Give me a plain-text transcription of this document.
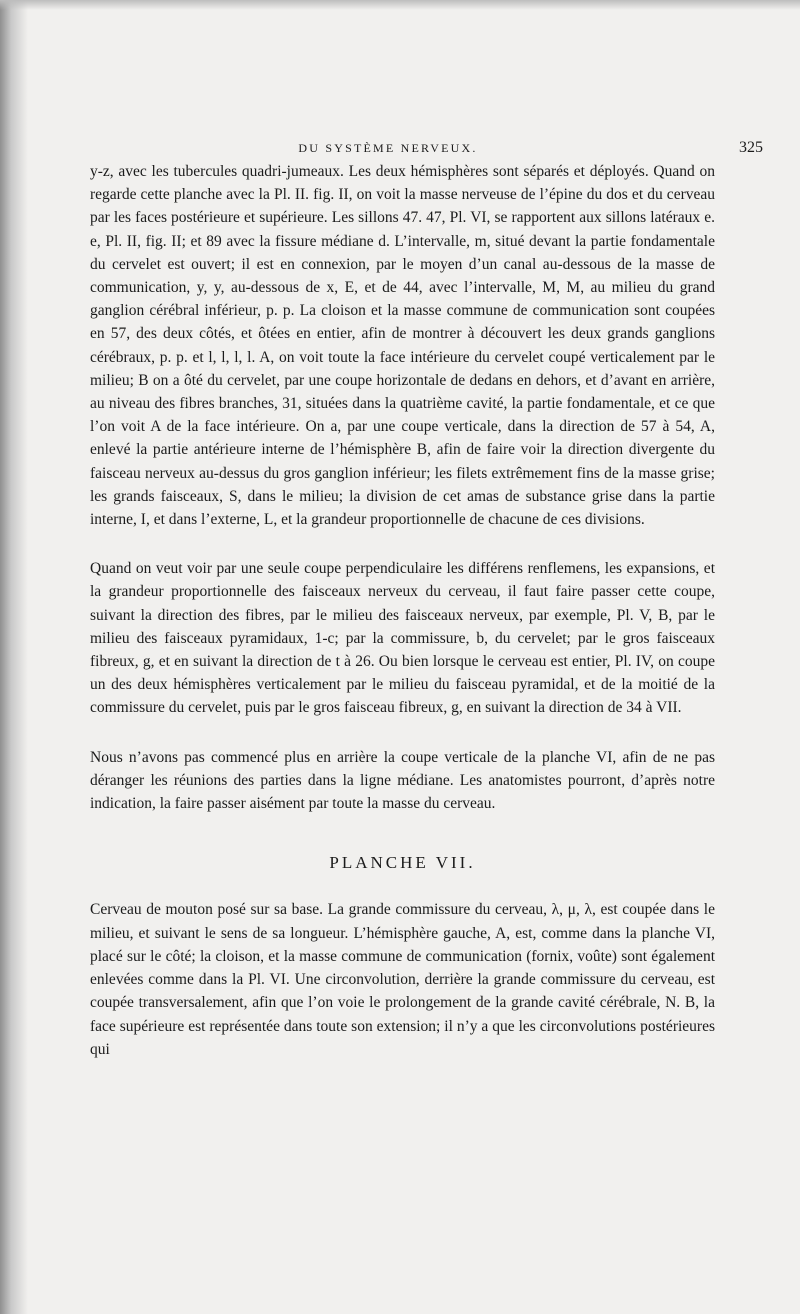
DU SYSTÈME NERVEUX.	325

y-z, avec les tubercules quadri-jumeaux. Les deux hémisphères sont séparés et déployés. Quand on regarde cette planche avec la Pl. II. fig. II, on voit la masse nerveuse de l’épine du dos et du cerveau par les faces postérieure et supérieure. Les sillons 47. 47, Pl. VI, se rapportent aux sillons latéraux e. e, Pl. II, fig. II; et 89 avec la fissure médiane d. L’intervalle, m, situé devant la partie fondamentale du cervelet est ouvert; il est en connexion, par le moyen d’un canal au-dessous de la masse de communication, y, y, au-dessous de x, E, et de 44, avec l’intervalle, M, M, au milieu du grand ganglion cérébral inférieur, p. p. La cloison et la masse commune de communication sont coupées en 57, des deux côtés, et ôtées en entier, afin de montrer à découvert les deux grands ganglions cérébraux, p. p. et l, l, l, l. A, on voit toute la face intérieure du cervelet coupé verticalement par le milieu; B on a ôté du cervelet, par une coupe horizontale de dedans en dehors, et d’avant en arrière, au niveau des fibres branches, 31, situées dans la quatrième cavité, la partie fondamentale, et ce que l’on voit A de la face intérieure. On a, par une coupe verticale, dans la direction de 57 à 54, A, enlevé la partie antérieure interne de l’hémisphère B, afin de faire voir la direction divergente du faisceau nerveux au-dessus du gros ganglion inférieur; les filets extrêmement fins de la masse grise; les grands faisceaux, S, dans le milieu; la division de cet amas de substance grise dans la partie interne, I, et dans l’externe, L, et la grandeur proportionnelle de chacune de ces divisions.

Quand on veut voir par une seule coupe perpendiculaire les différens renflemens, les expansions, et la grandeur proportionnelle des faisceaux nerveux du cerveau, il faut faire passer cette coupe, suivant la direction des fibres, par le milieu des faisceaux nerveux, par exemple, Pl. V, B, par le milieu des faisceaux pyramidaux, 1-c; par la commissure, b, du cervelet; par le gros faisceaux fibreux, g, et en suivant la direction de t à 26. Ou bien lorsque le cerveau est entier, Pl. IV, on coupe un des deux hémisphères verticalement par le milieu du faisceau pyramidal, et de la moitié de la commissure du cervelet, puis par le gros faisceau fibreux, g, en suivant la direction de 34 à VII.

Nous n’avons pas commencé plus en arrière la coupe verticale de la planche VI, afin de ne pas déranger les réunions des parties dans la ligne médiane. Les anatomistes pourront, d’après notre indication, la faire passer aisément par toute la masse du cerveau.

PLANCHE VII.

Cerveau de mouton posé sur sa base. La grande commissure du cerveau, λ, μ, λ, est coupée dans le milieu, et suivant le sens de sa longueur. L’hémisphère gauche, A, est, comme dans la planche VI, placé sur le côté; la cloison, et la masse commune de communication (fornix, voûte) sont également enlevées comme dans la Pl. VI. Une circonvolution, derrière la grande commissure du cerveau, est coupée transversalement, afin que l’on voie le prolongement de la grande cavité cérébrale, N. B, la face supérieure est représentée dans toute son extension; il n’y a que les circonvolutions postérieures qui
